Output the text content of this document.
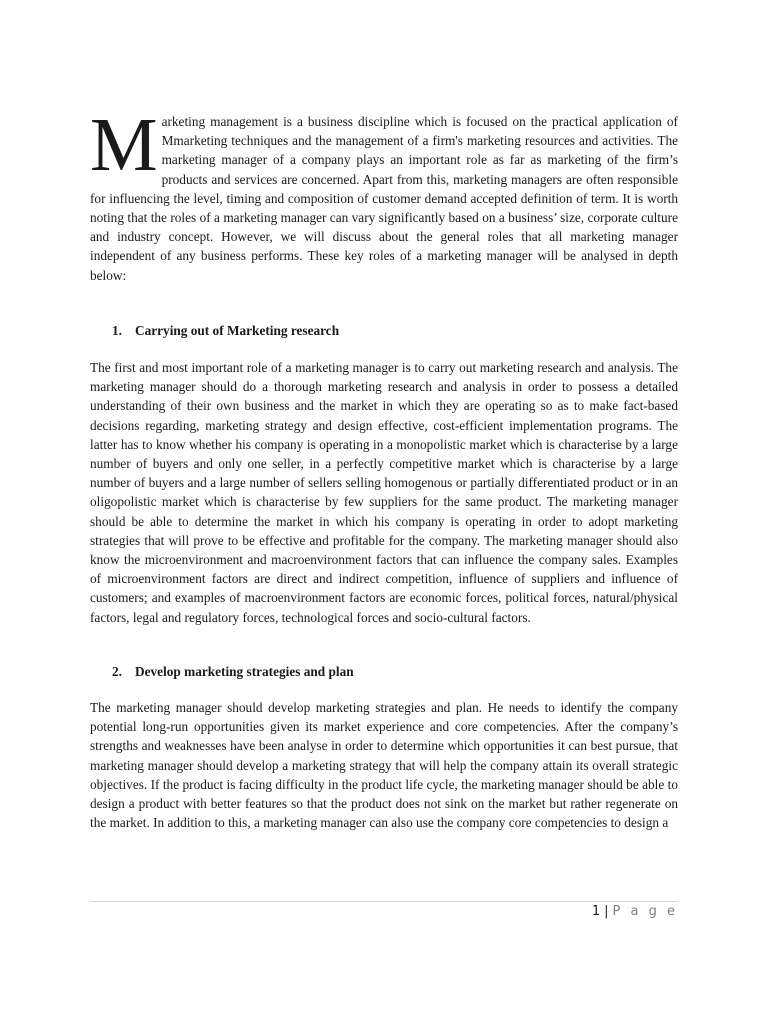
Marketing management is a business discipline which is focused on the practical application of Mmarketing techniques and the management of a firm's marketing resources and activities. The marketing manager of a company plays an important role as far as marketing of the firm’s products and services are concerned. Apart from this, marketing managers are often responsible for influencing the level, timing and composition of customer demand accepted definition of term. It is worth noting that the roles of a marketing manager can vary significantly based on a business’ size, corporate culture and industry concept. However, we will discuss about the general roles that all marketing manager independent of any business performs. These key roles of a marketing manager will be analysed in depth below:

1. Carrying out of Marketing research

The first and most important role of a marketing manager is to carry out marketing research and analysis. The marketing manager should do a thorough marketing research and analysis in order to possess a detailed understanding of their own business and the market in which they are operating so as to make fact-based decisions regarding, marketing strategy and design effective, cost-efficient implementation programs. The latter has to know whether his company is operating in a monopolistic market which is characterise by a large number of buyers and only one seller, in a perfectly competitive market which is characterise by a large number of buyers and a large number of sellers selling homogenous or partially differentiated product or in an oligopolistic market which is characterise by few suppliers for the same product. The marketing manager should be able to determine the market in which his company is operating in order to adopt marketing strategies that will prove to be effective and profitable for the company. The marketing manager should also know the microenvironment and macroenvironment factors that can influence the company sales. Examples of microenvironment factors are direct and indirect competition, influence of suppliers and influence of customers; and examples of macroenvironment factors are economic forces, political forces, natural/physical factors, legal and regulatory forces, technological forces and socio-cultural factors.

2. Develop marketing strategies and plan

The marketing manager should develop marketing strategies and plan. He needs to identify the company potential long-run opportunities given its market experience and core competencies. After the company’s strengths and weaknesses have been analyse in order to determine which opportunities it can best pursue, that marketing manager should develop a marketing strategy that will help the company attain its overall strategic objectives. If the product is facing difficulty in the product life cycle, the marketing manager should be able to design a product with better features so that the product does not sink on the market but rather regenerate on the market. In addition to this, a marketing manager can also use the company core competencies to design a

1 | P a g e
